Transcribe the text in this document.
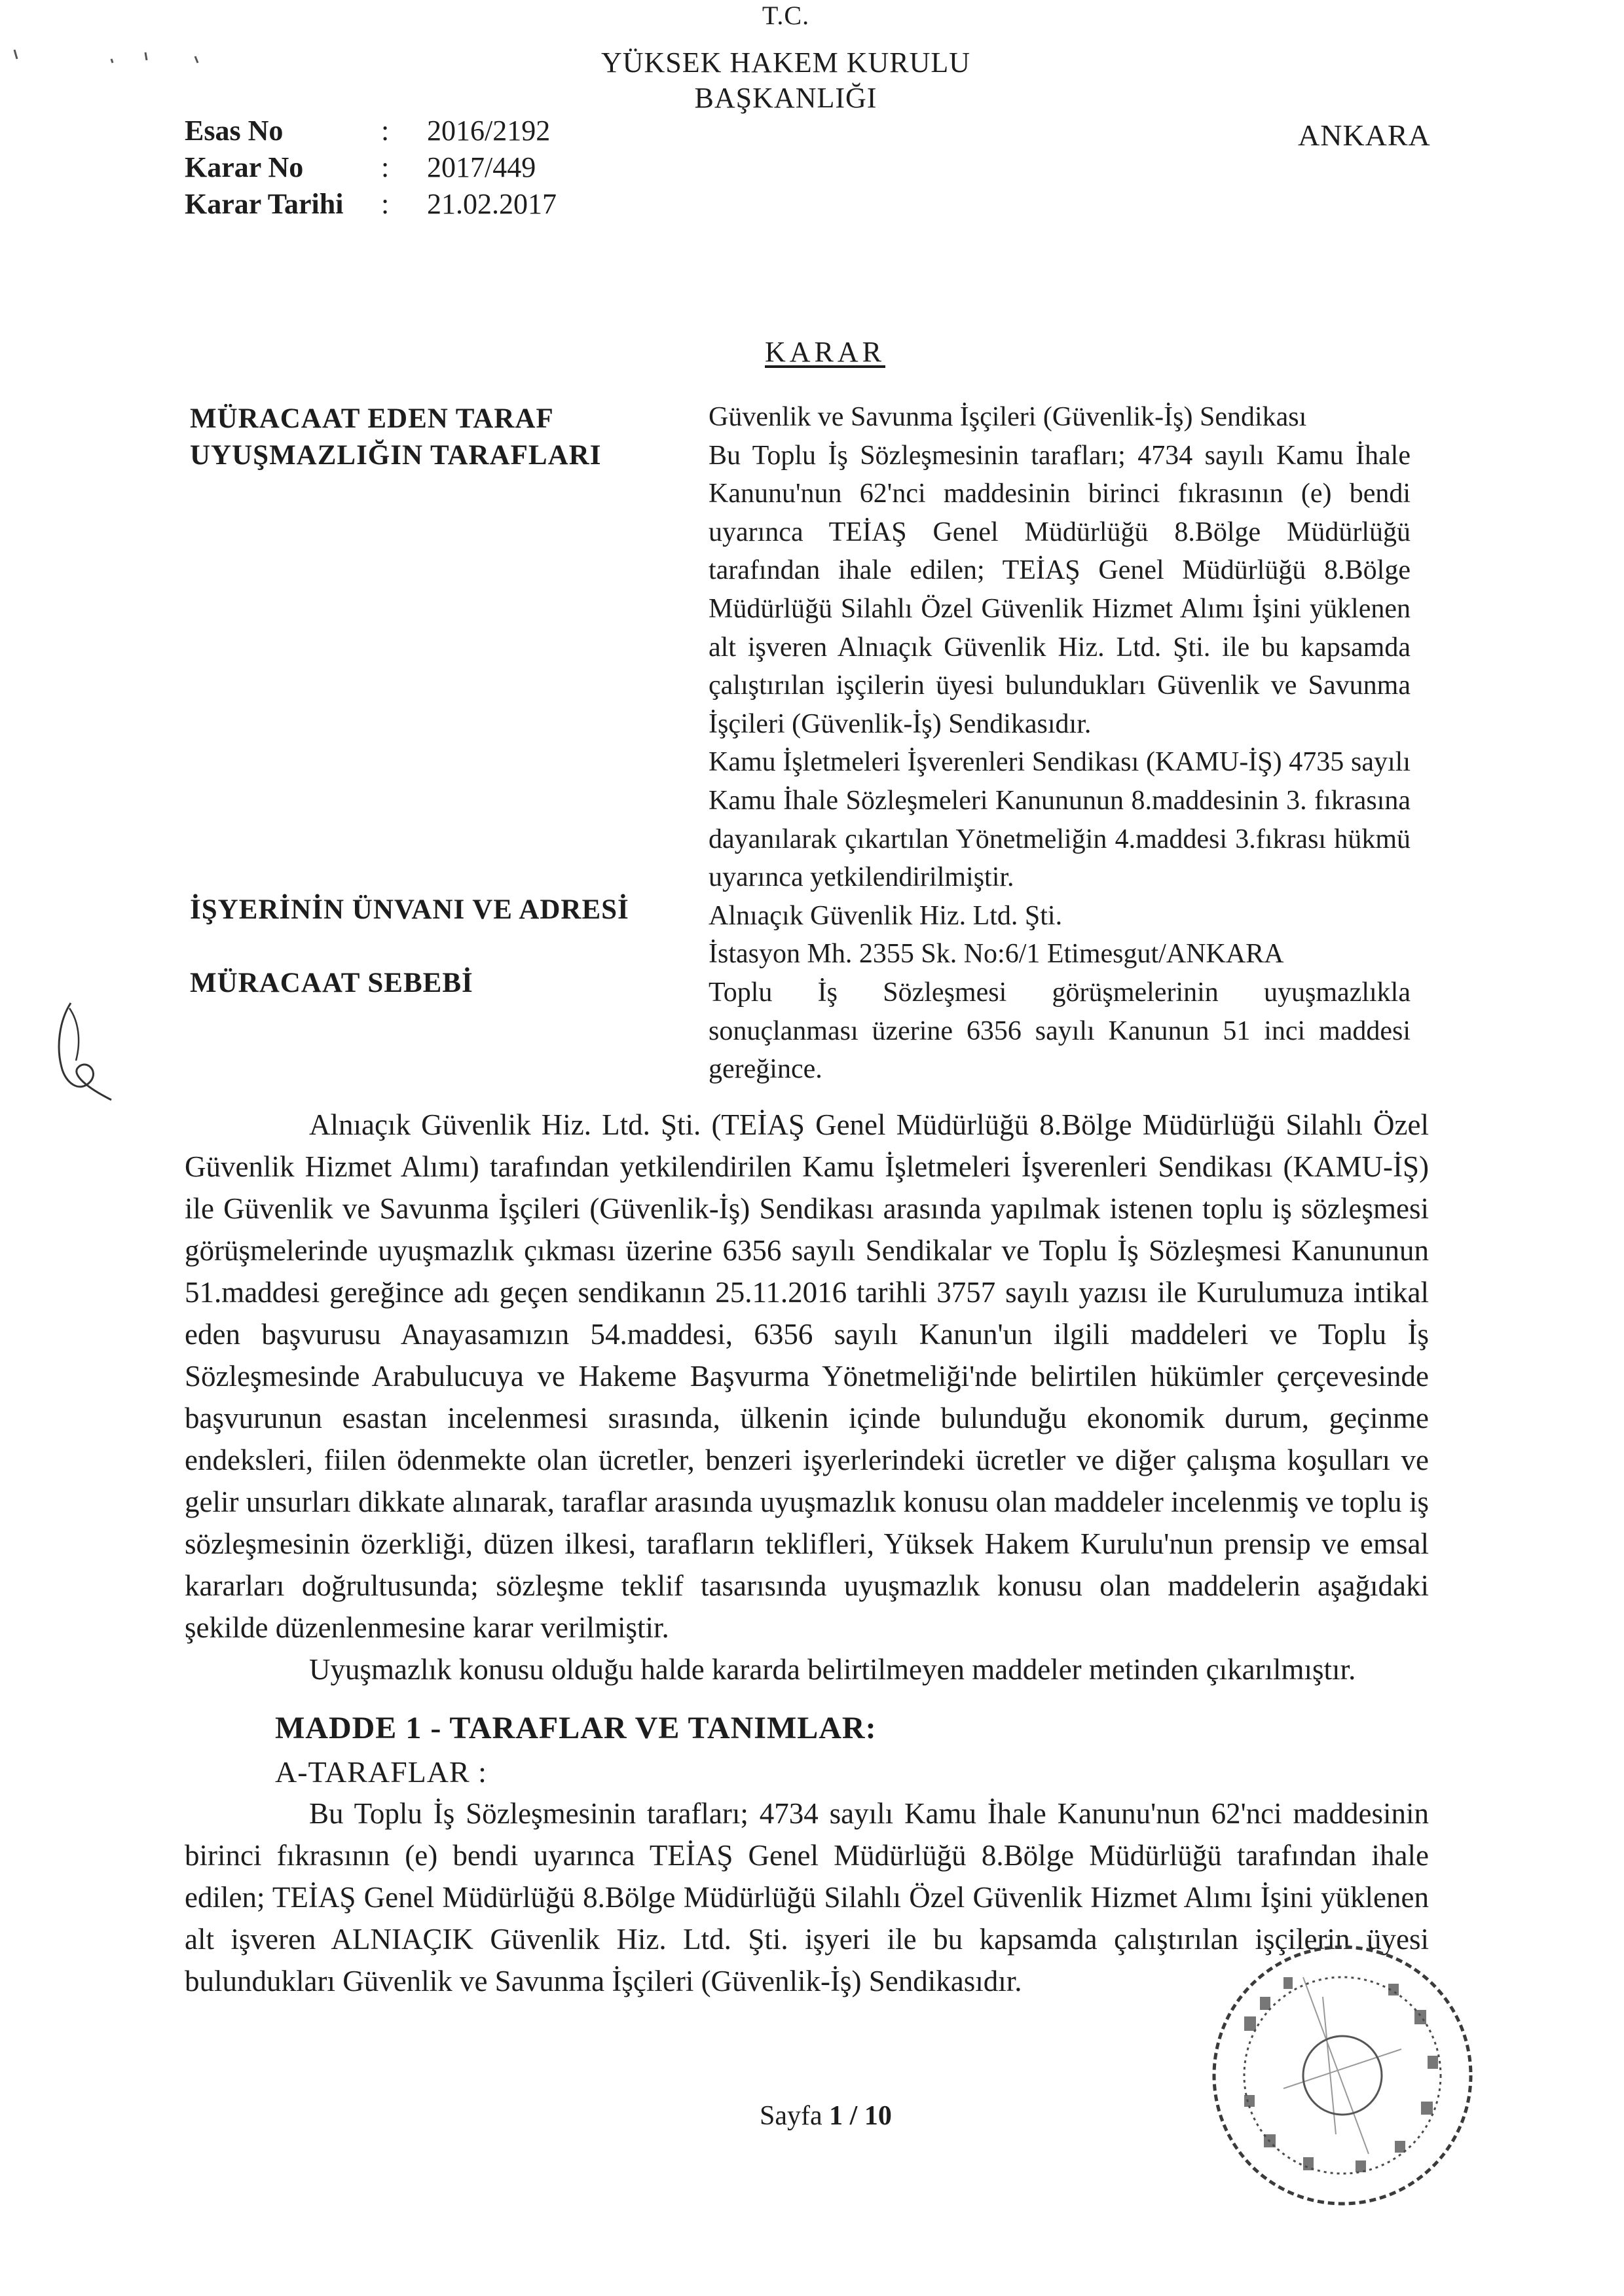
T.C.
YÜKSEK HAKEM KURULU
BAŞKANLIĞI
ANKARA
Esas No	: 2016/2192
Karar No	: 2017/449
Karar Tarihi : 21.02.2017
KARAR
MÜRACAAT EDEN TARAF
UYUŞMAZLIĞIN TARAFLARI
İŞYERİNİN ÜNVANI VE ADRESİ
MÜRACAAT SEBEBİ
Güvenlik ve Savunma İşçileri (Güvenlik-İş) Sendikası
Bu Toplu İş Sözleşmesinin tarafları; 4734 sayılı Kamu İhale Kanunu'nun 62'nci maddesinin birinci fıkrasının (e) bendi uyarınca TEİAŞ Genel Müdürlüğü 8.Bölge Müdürlüğü tarafından ihale edilen; TEİAŞ Genel Müdürlüğü 8.Bölge Müdürlüğü Silahlı Özel Güvenlik Hizmet Alımı İşini yüklenen alt işveren Alnıaçık Güvenlik Hiz. Ltd. Şti. ile bu kapsamda çalıştırılan işçilerin üyesi bulundukları Güvenlik ve Savunma İşçileri (Güvenlik-İş) Sendikasıdır.
Kamu İşletmeleri İşverenleri Sendikası (KAMU-İŞ) 4735 sayılı Kamu İhale Sözleşmeleri Kanununun 8.maddesinin 3. fıkrasına dayanılarak çıkartılan Yönetmeliğin 4.maddesi 3.fıkrası hükmü uyarınca yetkilendirilmiştir.
Alnıaçık Güvenlik Hiz. Ltd. Şti.
İstasyon Mh. 2355 Sk. No:6/1 Etimesgut/ANKARA
Toplu İş Sözleşmesi görüşmelerinin uyuşmazlıkla sonuçlanması üzerine 6356 sayılı Kanunun 51 inci maddesi gereğince.
Alnıaçık Güvenlik Hiz. Ltd. Şti. (TEİAŞ Genel Müdürlüğü 8.Bölge Müdürlüğü Silahlı Özel Güvenlik Hizmet Alımı) tarafından yetkilendirilen Kamu İşletmeleri İşverenleri Sendikası (KAMU-İŞ) ile Güvenlik ve Savunma İşçileri (Güvenlik-İş) Sendikası arasında yapılmak istenen toplu iş sözleşmesi görüşmelerinde uyuşmazlık çıkması üzerine 6356 sayılı Sendikalar ve Toplu İş Sözleşmesi Kanununun 51.maddesi gereğince adı geçen sendikanın 25.11.2016 tarihli 3757 sayılı yazısı ile Kurulumuza intikal eden başvurusu Anayasamızın 54.maddesi, 6356 sayılı Kanun'un ilgili maddeleri ve Toplu İş Sözleşmesinde Arabulucuya ve Hakeme Başvurma Yönetmeliği'nde belirtilen hükümler çerçevesinde başvurunun esastan incelenmesi sırasında, ülkenin içinde bulunduğu ekonomik durum, geçinme endeksleri, fiilen ödenmekte olan ücretler, benzeri işyerlerindeki ücretler ve diğer çalışma koşulları ve gelir unsurları dikkate alınarak, taraflar arasında uyuşmazlık konusu olan maddeler incelenmiş ve toplu iş sözleşmesinin özerkliği, düzen ilkesi, tarafların teklifleri, Yüksek Hakem Kurulu'nun prensip ve emsal kararları doğrultusunda; sözleşme teklif tasarısında uyuşmazlık konusu olan maddelerin aşağıdaki şekilde düzenlenmesine karar verilmiştir.
Uyuşmazlık konusu olduğu halde kararda belirtilmeyen maddeler metinden çıkarılmıştır.
MADDE 1 - TARAFLAR VE TANIMLAR:
A-TARAFLAR :
Bu Toplu İş Sözleşmesinin tarafları; 4734 sayılı Kamu İhale Kanunu'nun 62'nci maddesinin birinci fıkrasının (e) bendi uyarınca TEİAŞ Genel Müdürlüğü 8.Bölge Müdürlüğü tarafından ihale edilen; TEİAŞ Genel Müdürlüğü 8.Bölge Müdürlüğü Silahlı Özel Güvenlik Hizmet Alımı İşini yüklenen alt işveren ALNIAÇIK Güvenlik Hiz. Ltd. Şti. işyeri ile bu kapsamda çalıştırılan işçilerin üyesi bulundukları Güvenlik ve Savunma İşçileri (Güvenlik-İş) Sendikasıdır.
Sayfa 1 / 10
